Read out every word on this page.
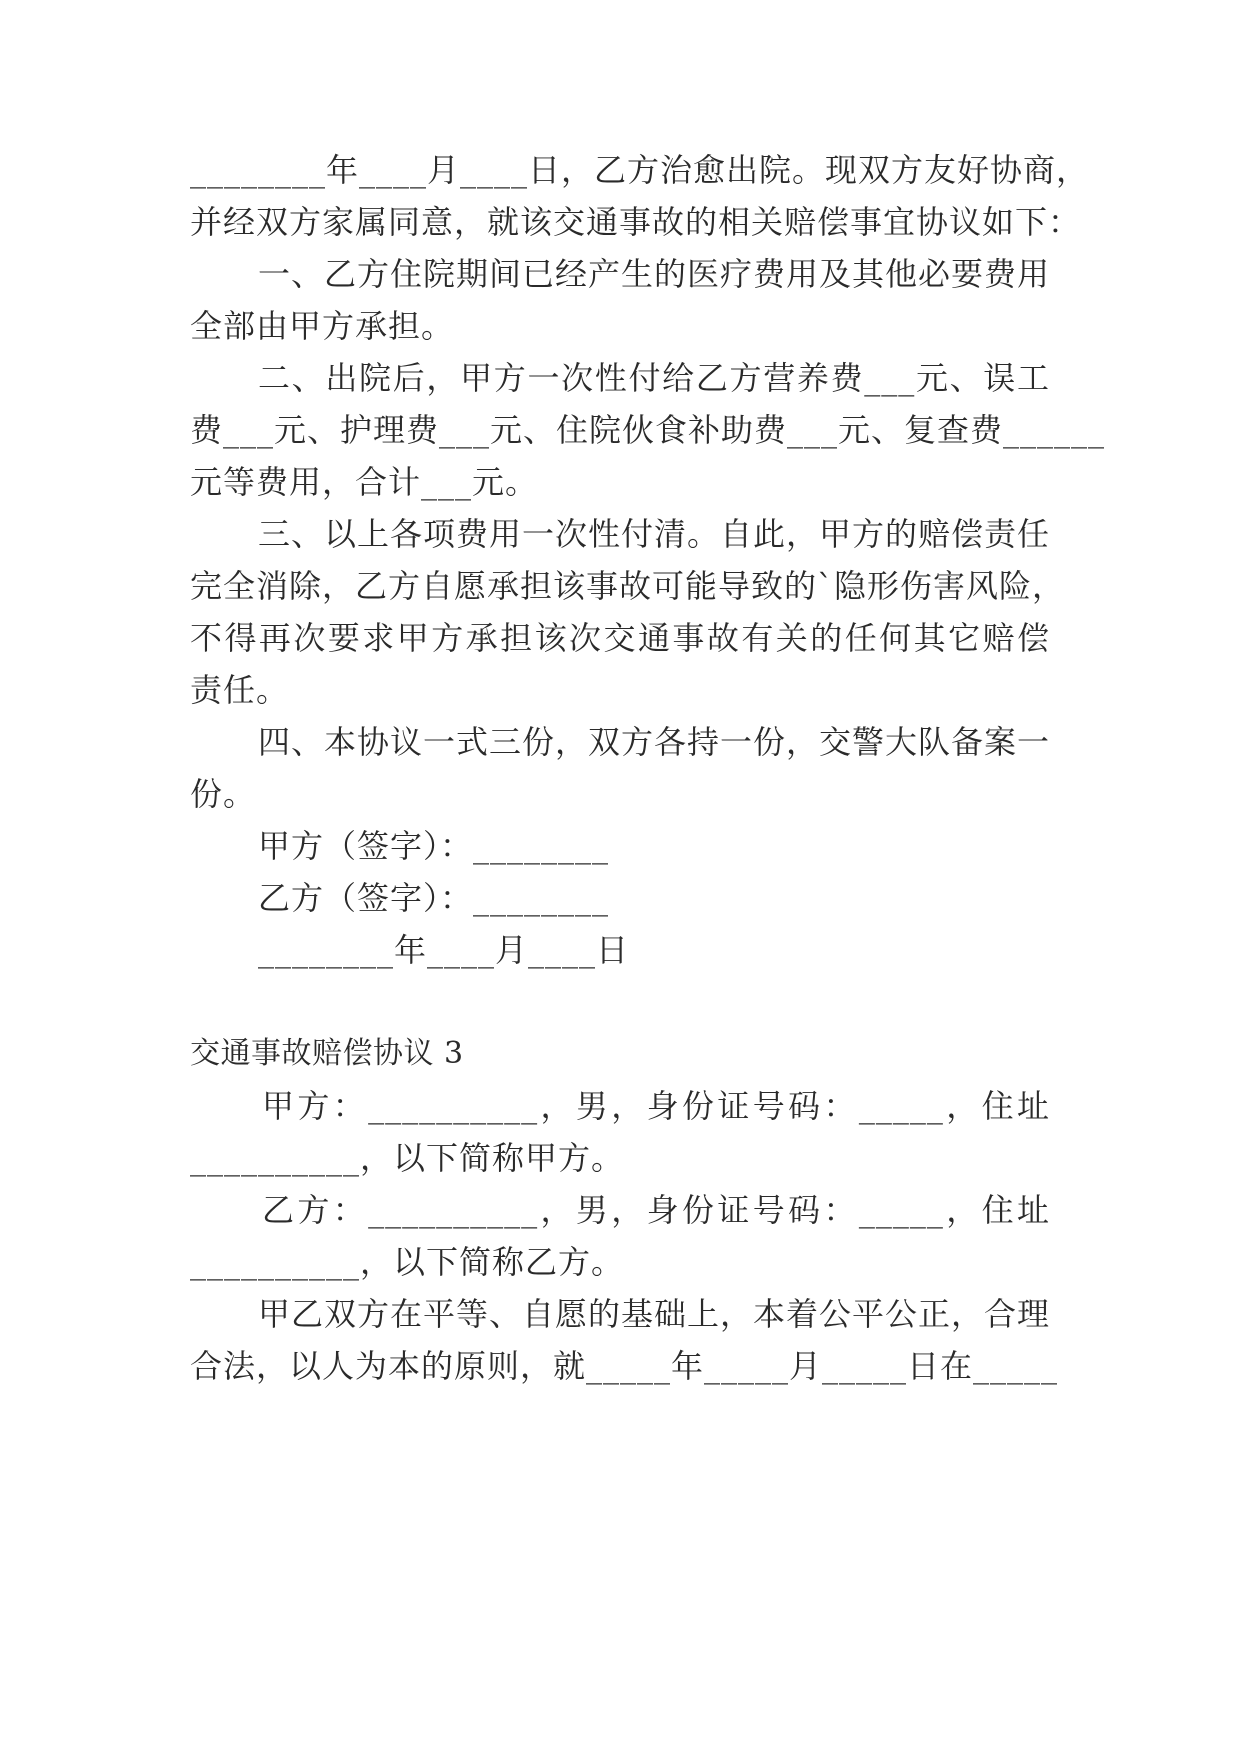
________年____月____日，乙方治愈出院。现双方友好协商，
并经双方家属同意，就该交通事故的相关赔偿事宜协议如下：
一、乙方住院期间已经产生的医疗费用及其他必要费用
全部由甲方承担。
二、出院后，甲方一次性付给乙方营养费___元、误工
费___元、护理费___元、住院伙食补助费___元、复查费______
元等费用，合计___元。
三、以上各项费用一次性付清。自此，甲方的赔偿责任
完全消除，乙方自愿承担该事故可能导致的`隐形伤害风险，
不得再次要求甲方承担该次交通事故有关的任何其它赔偿
责任。
四、本协议一式三份，双方各持一份，交警大队备案一
份。
甲方（签字）：________
乙方（签字）：________
________年____月____日
交通事故赔偿协议 3
甲方：__________，男，身份证号码：_____，住址
__________，以下简称甲方。
乙方：__________，男，身份证号码：_____，住址
__________，以下简称乙方。
甲乙双方在平等、自愿的基础上，本着公平公正，合理
合法，以人为本的原则，就_____年_____月_____日在_____
